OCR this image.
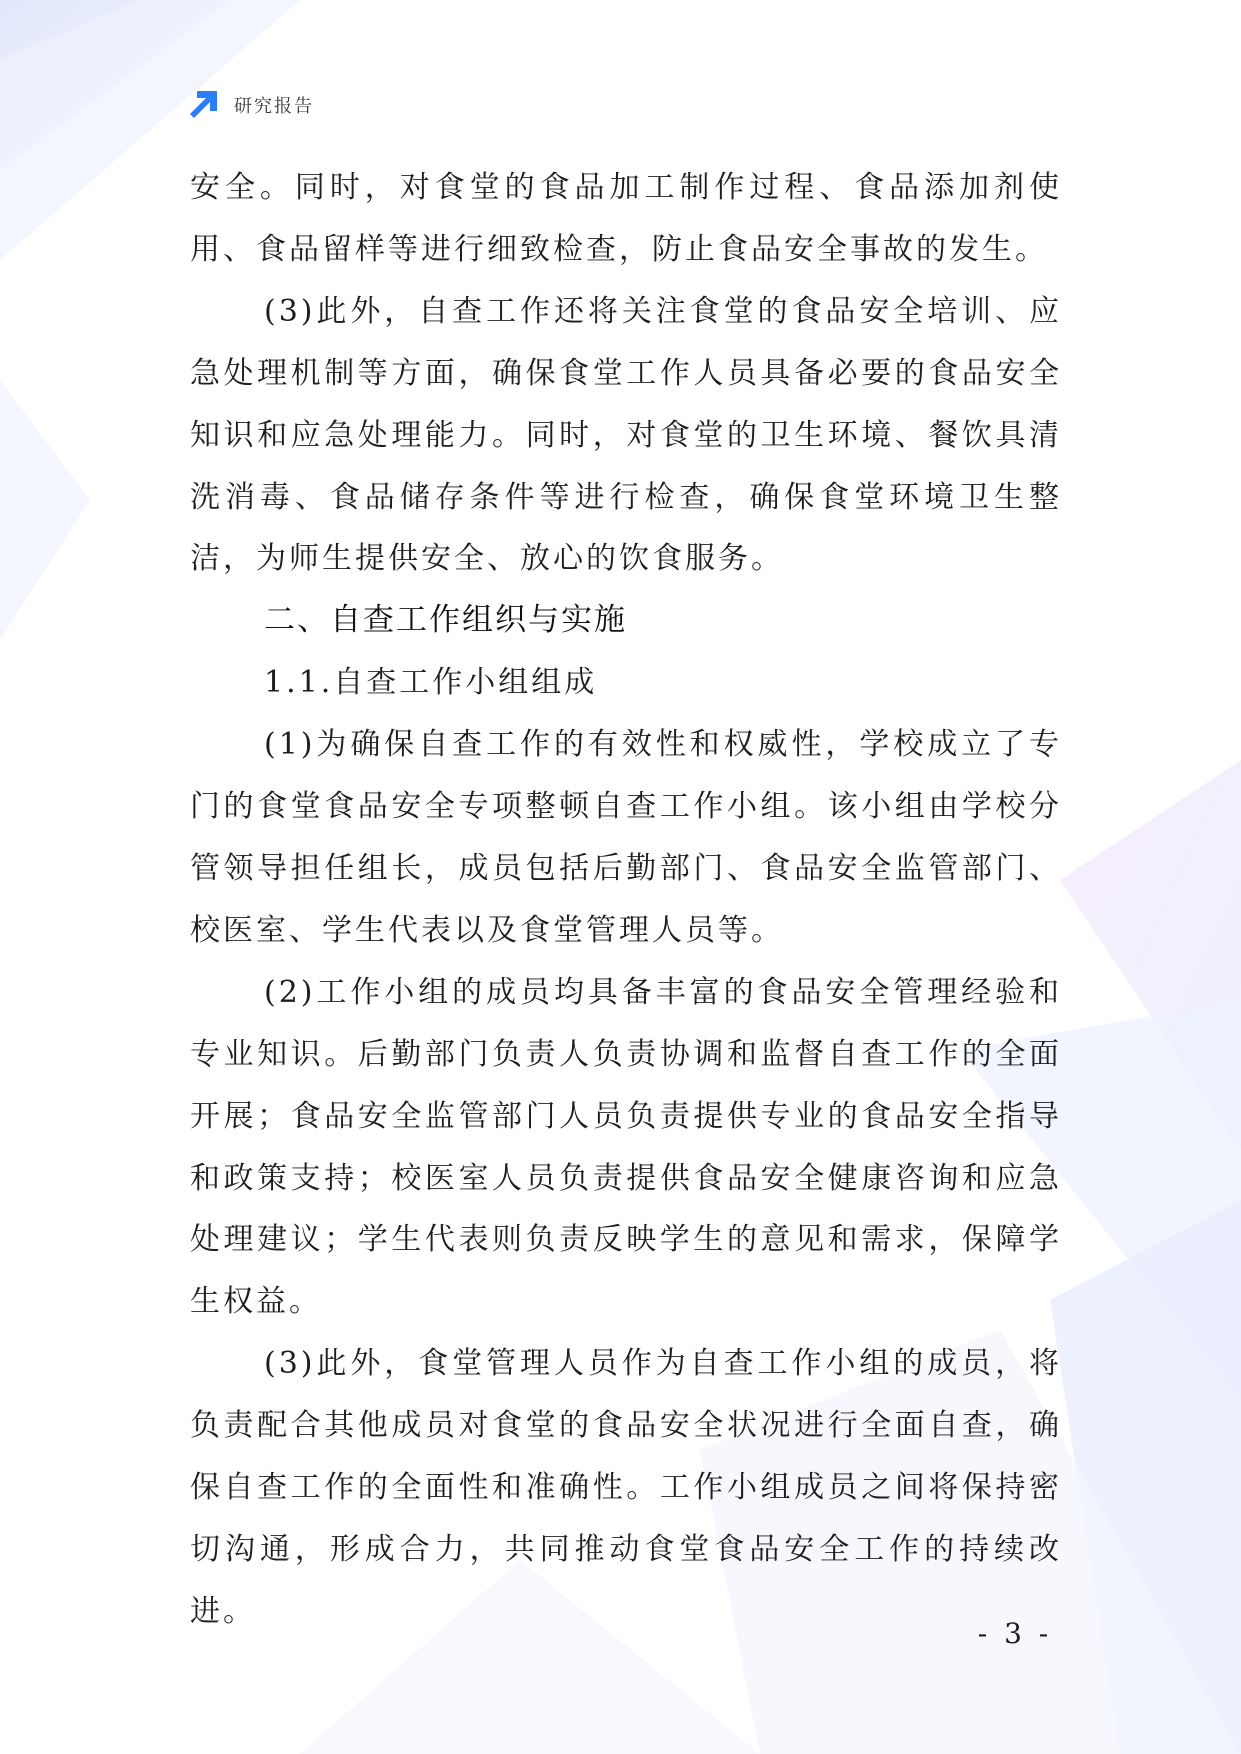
研究报告

安全。同时，对食堂的食品加工制作过程、食品添加剂使用、食品留样等进行细致检查，防止食品安全事故的发生。

(3)此外，自查工作还将关注食堂的食品安全培训、应急处理机制等方面，确保食堂工作人员具备必要的食品安全知识和应急处理能力。同时，对食堂的卫生环境、餐饮具清洗消毒、食品储存条件等进行检查，确保食堂环境卫生整洁，为师生提供安全、放心的饮食服务。

二、自查工作组织与实施

1.1.自查工作小组组成

(1)为确保自查工作的有效性和权威性，学校成立了专门的食堂食品安全专项整顿自查工作小组。该小组由学校分管领导担任组长，成员包括后勤部门、食品安全监管部门、校医室、学生代表以及食堂管理人员等。

(2)工作小组的成员均具备丰富的食品安全管理经验和专业知识。后勤部门负责人负责协调和监督自查工作的全面开展；食品安全监管部门人员负责提供专业的食品安全指导和政策支持；校医室人员负责提供食品安全健康咨询和应急处理建议；学生代表则负责反映学生的意见和需求，保障学生权益。

(3)此外，食堂管理人员作为自查工作小组的成员，将负责配合其他成员对食堂的食品安全状况进行全面自查，确保自查工作的全面性和准确性。工作小组成员之间将保持密切沟通，形成合力，共同推动食堂食品安全工作的持续改进。

- 3 -
